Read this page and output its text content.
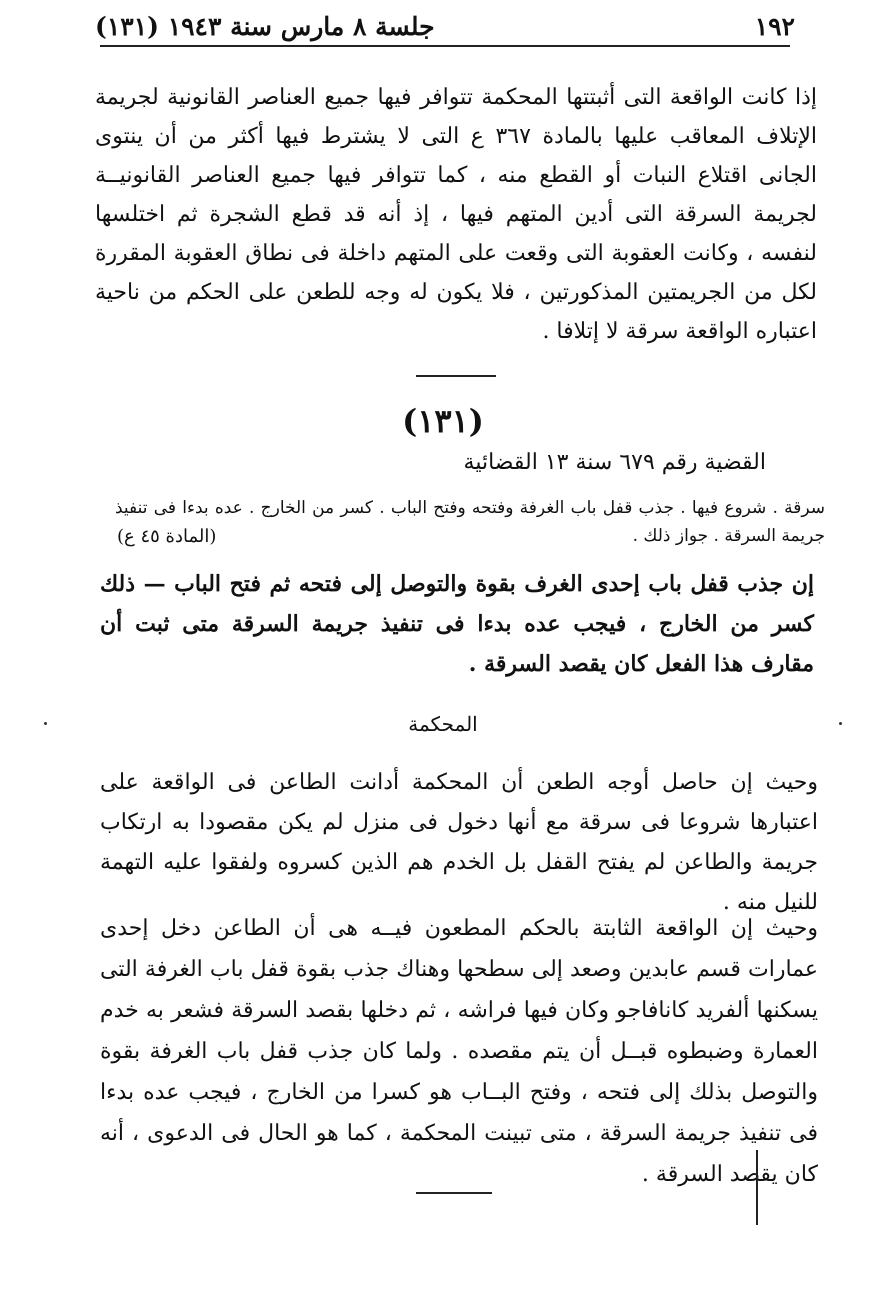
١٩٢
جلسة ٨ مارس سنة ١٩٤٣ (١٣١)

إذا كانت الواقعة التى أثبتتها المحكمة تتوافر فيها جميع العناصر القانونية لجريمة الإتلاف المعاقب عليها بالمادة ٣٦٧ ع التى لا يشترط فيها أكثر من أن ينتوى الجانى اقتلاع النبات أو القطع منه ، كما تتوافر فيها جميع العناصر القانونيــة لجريمة السرقة التى أدين المتهم فيها ، إذ أنه قد قطع الشجرة ثم اختلسها لنفسه ، وكانت العقوبة التى وقعت على المتهم داخلة فى نطاق العقوبة المقررة لكل من الجريمتين المذكورتين ، فلا يكون له وجه للطعن على الحكم من ناحية اعتباره الواقعة سرقة لا إتلافا .

(١٣١)
القضية رقم ٦٧٩ سنة ١٣ القضائية
سرقة . شروع فيها . جذب قفل باب الغرفة وفتحه وفتح الباب . كسر من الخارج . عده بدءا فى تنفيذ جريمة السرقة . جواز ذلك .
(المادة ٤٥ ع)

إن جذب قفل باب إحدى الغرف بقوة والتوصل إلى فتحه ثم فتح الباب — ذلك كسر من الخارج ، فيجب عده بدءا فى تنفيذ جريمة السرقة متى ثبت أن مقارف هذا الفعل كان يقصد السرقة .

المحكمة

وحيث إن حاصل أوجه الطعن أن المحكمة أدانت الطاعن فى الواقعة على اعتبارها شروعا فى سرقة مع أنها دخول فى منزل لم يكن مقصودا به ارتكاب جريمة والطاعن لم يفتح القفل بل الخدم هم الذين كسروه ولفقوا عليه التهمة للنيل منه .

وحيث إن الواقعة الثابتة بالحكم المطعون فيــه هى أن الطاعن دخل إحدى عمارات قسم عابدين وصعد إلى سطحها وهناك جذب بقوة قفل باب الغرفة التى يسكنها ألفريد كانافاجو وكان فيها فراشه ، ثم دخلها بقصد السرقة فشعر به خدم العمارة وضبطوه قبــل أن يتم مقصده . ولما كان جذب قفل باب الغرفة بقوة والتوصل بذلك إلى فتحه ، وفتح البــاب هو كسرا من الخارج ، فيجب عده بدءا فى تنفيذ جريمة السرقة ، متى تبينت المحكمة ، كما هو الحال فى الدعوى ، أنه كان يقصد السرقة .
